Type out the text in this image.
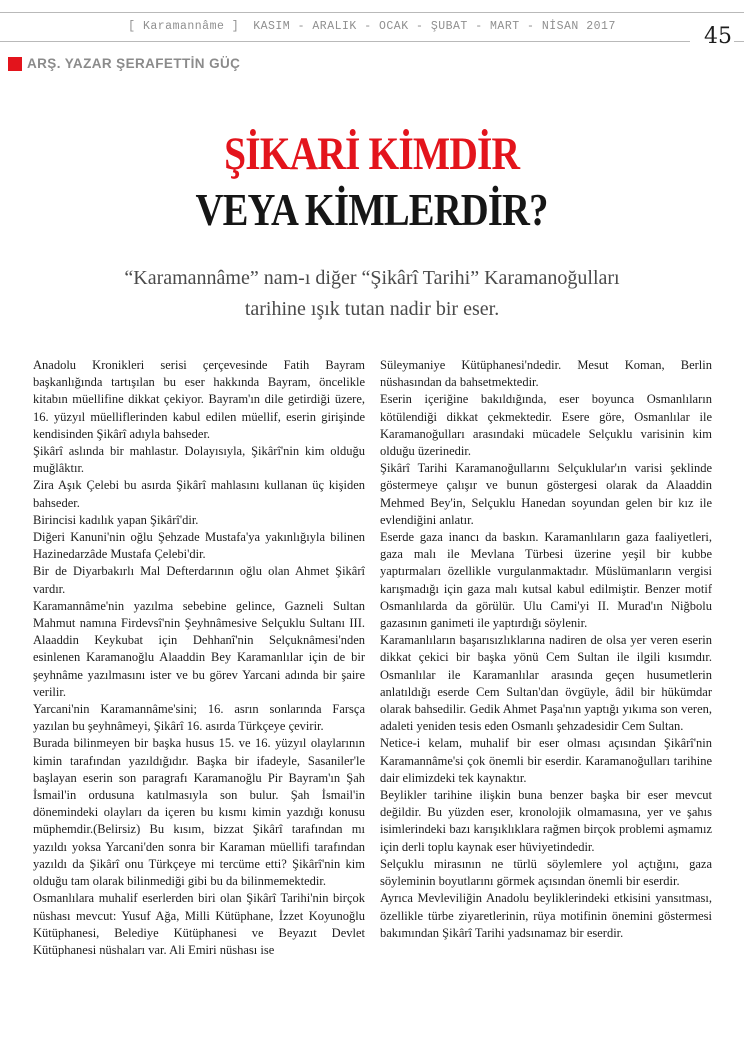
[ Karamannâme ] KASIM - ARALIK - OCAK - ŞUBAT - MART - NİSAN 2017	45
ARŞ. YAZAR ŞERAFETTİN GÜÇ
ŞİKARİ KİMDİR
VEYA KİMLERDİR?
“Karamannâme” nam-ı diğer “Şikârî Tarihi” Karamanoğulları
tarihine ışık tutan nadir bir eser.

Anadolu Kronikleri serisi çerçevesinde Fatih Bayram başkanlığında tartışılan bu eser hakkında Bayram, öncelikle kitabın müellifine dikkat çekiyor. Bayram'ın dile getirdiği üzere, 16. yüzyıl müelliflerinden kabul edilen müellif, eserin girişinde kendisinden Şikârî adıyla bahseder.

Şikârî aslında bir mahlastır. Dolayısıyla, Şikârî'nin kim olduğu muğlâktır.

Zira Aşık Çelebi bu asırda Şikârî mahlasını kullanan üç kişiden bahseder.

Birincisi kadılık yapan Şikârî'dir.

Diğeri Kanuni'nin oğlu Şehzade Mustafa'ya yakınlığıyla bilinen Hazinedarzâde Mustafa Çelebi'dir.

Bir de Diyarbakırlı Mal Defterdarının oğlu olan Ahmet Şikârî vardır.

Karamannâme'nin yazılma sebebine gelince, Gazneli Sultan Mahmut namına Firdevsî'nin Şeyhnâmesive Selçuklu Sultanı III. Alaaddin Keykubat için Dehhanî'nin Selçuknâmesi'nden esinlenen Karamanoğlu Alaaddin Bey Karamanlılar için de bir şeyhnâme yazılmasını ister ve bu görev Yarcani adında bir şaire verilir.

Yarcani'nin Karamannâme'sini; 16. asrın sonlarında Farsça yazılan bu şeyhnâmeyi, Şikârî 16. asırda Türkçeye çevirir.

Burada bilinmeyen bir başka husus 15. ve 16. yüzyıl olaylarının kimin tarafından yazıldığıdır. Başka bir ifadeyle, Sasaniler'le başlayan eserin son paragrafı Karamanoğlu Pir Bayram'ın Şah İsmail'in ordusuna katılmasıyla son bulur. Şah İsmail'in dönemindeki olayları da içeren bu kısmı kimin yazdığı konusu müphemdir.(Belirsiz) Bu kısım, bizzat Şikârî tarafından mı yazıldı yoksa Yarcani'den sonra bir Karaman müellifi tarafından yazıldı da Şikârî onu Türkçeye mi tercüme etti? Şikârî'nin kim olduğu tam olarak bilinmediği gibi bu da bilinmemektedir.

Osmanlılara muhalif eserlerden biri olan Şikârî Tarihi'nin birçok nüshası mevcut: Yusuf Ağa, Milli Kütüphane, İzzet Koyunoğlu Kütüphanesi, Belediye Kütüphanesi ve Beyazıt Devlet Kütüphanesi nüshaları var. Ali Emiri nüshası ise

Süleymaniye Kütüphanesi'ndedir. Mesut Koman, Berlin nüshasından da bahsetmektedir.

Eserin içeriğine bakıldığında, eser boyunca Osmanlıların kötülendiği dikkat çekmektedir. Esere göre, Osmanlılar ile Karamanoğulları arasındaki mücadele Selçuklu varisinin kim olduğu üzerinedir.

Şikârî Tarihi Karamanoğullarını Selçuklular'ın varisi şeklinde göstermeye çalışır ve bunun göstergesi olarak da Alaaddin Mehmed Bey'in, Selçuklu Hanedan soyundan gelen bir kız ile evlendiğini anlatır.

Eserde gaza inancı da baskın. Karamanlıların gaza faaliyetleri, gaza malı ile Mevlana Türbesi üzerine yeşil bir kubbe yaptırmaları özellikle vurgulanmaktadır. Müslümanların vergisi karışmadığı için gaza malı kutsal kabul edilmiştir. Benzer motif Osmanlılarda da görülür. Ulu Cami'yi II. Murad'ın Niğbolu gazasının ganimeti ile yaptırdığı söylenir.

Karamanlıların başarısızlıklarına nadiren de olsa yer veren eserin dikkat çekici bir başka yönü Cem Sultan ile ilgili kısımdır. Osmanlılar ile Karamanlılar arasında geçen husumetlerin anlatıldığı eserde Cem Sultan'dan övgüyle, âdil bir hükümdar olarak bahsedilir. Gedik Ahmet Paşa'nın yaptığı yıkıma son veren, adaleti yeniden tesis eden Osmanlı şehzadesidir Cem Sultan.

Netice-i kelam, muhalif bir eser olması açısından Şikârî'nin Karamannâme'si çok önemli bir eserdir. Karamanoğulları tarihine dair elimizdeki tek kaynaktır.

Beylikler tarihine ilişkin buna benzer başka bir eser mevcut değildir. Bu yüzden eser, kronolojik olmamasına, yer ve şahıs isimlerindeki bazı karışıklıklara rağmen birçok problemi aşmamız için derli toplu kaynak eser hüviyetindedir.

Selçuklu mirasının ne türlü söylemlere yol açtığını, gaza söyleminin boyutlarını görmek açısından önemli bir eserdir.

Ayrıca Mevleviliğin Anadolu beyliklerindeki etkisini yansıtması, özellikle türbe ziyaretlerinin, rüya motifinin önemini göstermesi bakımından Şikârî Tarihi yadsınamaz bir eserdir.
